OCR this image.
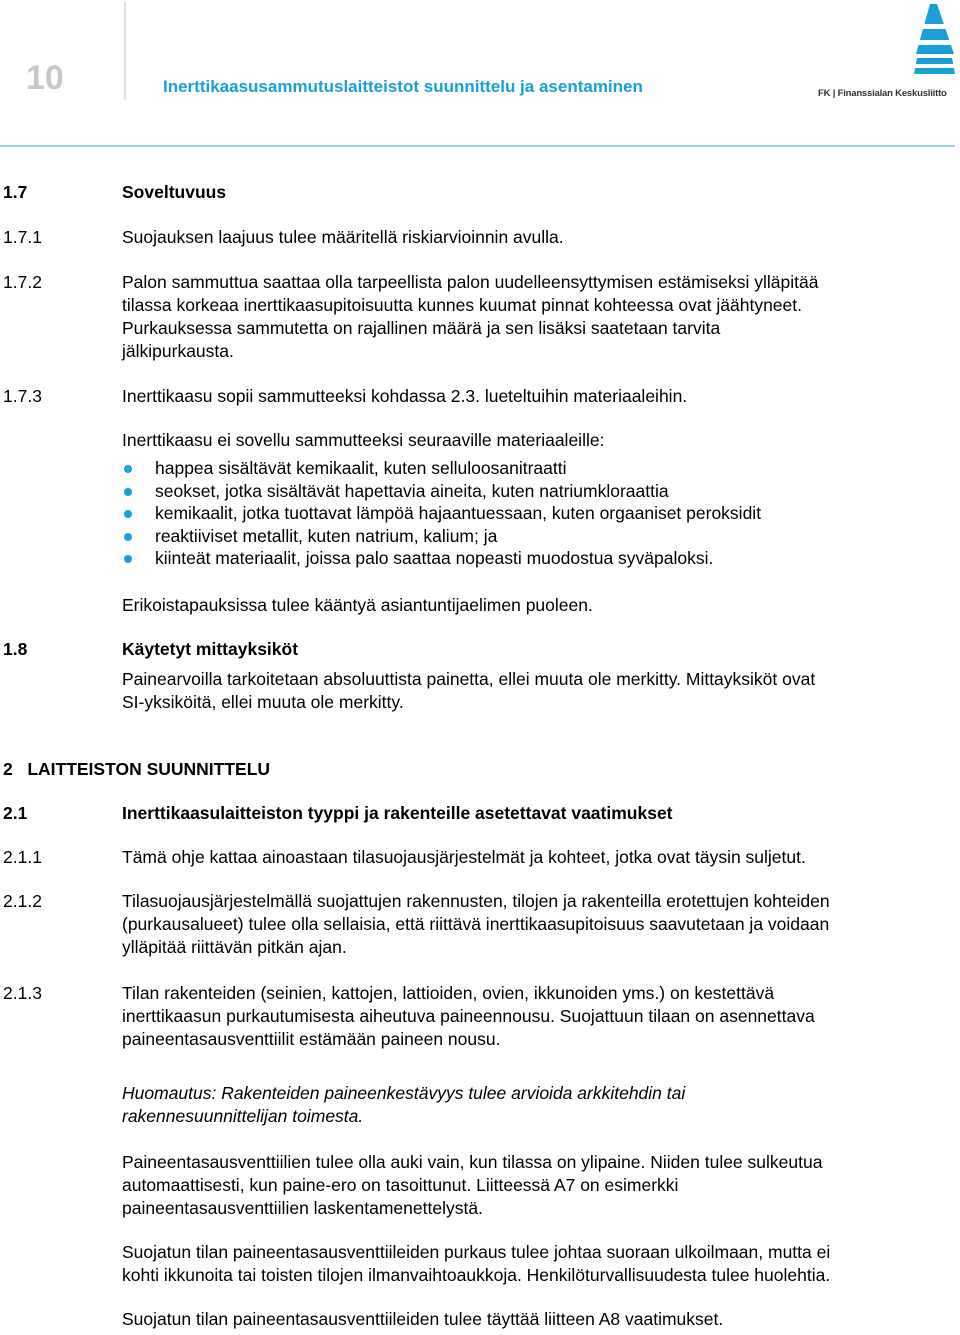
10	Inerttikaasusammutuslaitteistot suunnittelu ja asentaminen	FK | Finanssialan Keskusliitto
1.7	Soveltuvuus
1.7.1	Suojauksen laajuus tulee määritellä riskiarvioinnin avulla.
1.7.2	Palon sammuttua saattaa olla tarpeellista palon uudelleensyttymisen estämiseksi ylläpitää
tilassa korkeaa inerttikaasupitoisuutta kunnes kuumat pinnat kohteessa ovat jäähtyneet.
Purkauksessa sammutetta on rajallinen määrä ja sen lisäksi saatetaan tarvita
jälkipurkausta.
1.7.3	Inerttikaasu sopii sammutteeksi kohdassa 2.3. lueteltuihin materiaaleihin.
Inerttikaasu ei sovellu sammutteeksi seuraaville materiaaleille:
happea sisältävät kemikaalit, kuten selluloosanitraatti
seokset, jotka sisältävät hapettavia aineita, kuten natriumkloraattia
kemikaalit, jotka tuottavat lämpöä hajaantuessaan, kuten orgaaniset peroksidit
reaktiiviset metallit, kuten natrium, kalium; ja
kiinteät materiaalit, joissa palo saattaa nopeasti muodostua syväpaloksi.
Erikoistapauksissa tulee kääntyä asiantuntijaelimen puoleen.
1.8	Käytetyt mittayksiköt
Painearvoilla tarkoitetaan absoluuttista painetta, ellei muuta ole merkitty. Mittayksiköt ovat
SI-yksiköitä, ellei muuta ole merkitty.
2   LAITTEISTON SUUNNITTELU
2.1	Inerttikaasulaitteiston tyyppi ja rakenteille asetettavat vaatimukset
2.1.1	Tämä ohje kattaa ainoastaan tilasuojausjärjestelmät ja kohteet, jotka ovat täysin suljetut.
2.1.2	Tilasuojausjärjestelmällä suojattujen rakennusten, tilojen ja rakenteilla erotettujen kohteiden
(purkausalueet) tulee olla sellaisia, että riittävä inerttikaasupitoisuus saavutetaan ja voidaan
ylläpitää riittävän pitkän ajan.
2.1.3	Tilan rakenteiden (seinien, kattojen, lattioiden, ovien, ikkunoiden yms.) on kestettävä
inerttikaasun purkautumisesta aiheutuva paineennousu. Suojattuun tilaan on asennettava
paineentasausventtiilit estämään paineen nousu.
Huomautus: Rakenteiden paineenkestävyys tulee arvioida arkkitehdin tai
rakennesuunnittelijan toimesta.
Paineentasausventtiilien tulee olla auki vain, kun tilassa on ylipaine. Niiden tulee sulkeutua
automaattisesti, kun paine-ero on tasoittunut. Liitteessä A7 on esimerkki
paineentasausventtiilien laskentamenettelystä.
Suojatun tilan paineentasausventtiileiden purkaus tulee johtaa suoraan ulkoilmaan, mutta ei
kohti ikkunoita tai toisten tilojen ilmanvaihtoaukkoja. Henkilöturvallisuudesta tulee huolehtia.
Suojatun tilan paineentasausventtiileiden tulee täyttää liitteen A8 vaatimukset.
